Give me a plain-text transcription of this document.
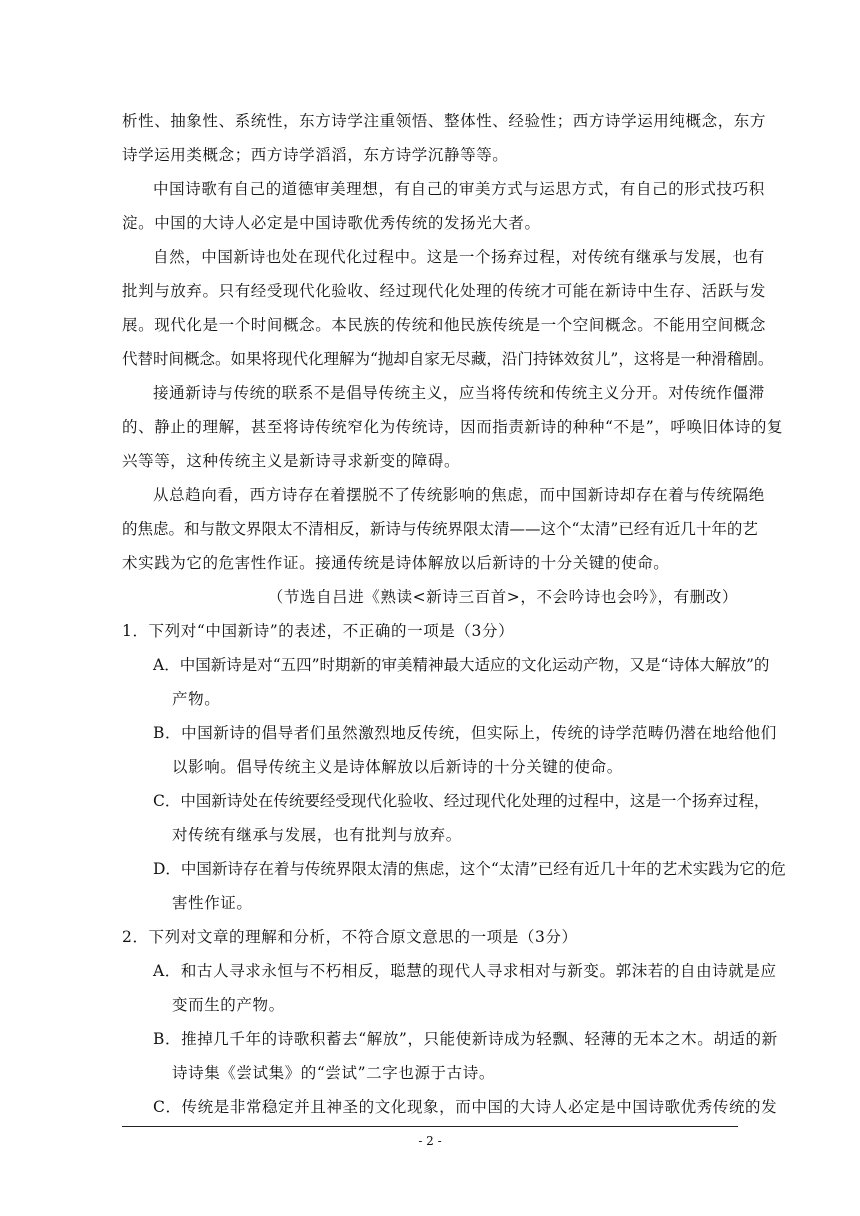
析性、抽象性、系统性，东方诗学注重领悟、整体性、经验性；西方诗学运用纯概念，东方
诗学运用类概念；西方诗学滔滔，东方诗学沉静等等。
中国诗歌有自己的道德审美理想，有自己的审美方式与运思方式，有自己的形式技巧积
淀。中国的大诗人必定是中国诗歌优秀传统的发扬光大者。
自然，中国新诗也处在现代化过程中。这是一个扬弃过程，对传统有继承与发展，也有
批判与放弃。只有经受现代化验收、经过现代化处理的传统才可能在新诗中生存、活跃与发
展。现代化是一个时间概念。本民族的传统和他民族传统是一个空间概念。不能用空间概念
代替时间概念。如果将现代化理解为“抛却自家无尽藏，沿门持钵效贫儿”，这将是一种滑稽剧。
接通新诗与传统的联系不是倡导传统主义，应当将传统和传统主义分开。对传统作僵滞
的、静止的理解，甚至将诗传统窄化为传统诗，因而指责新诗的种种“不是”，呼唤旧体诗的复
兴等等，这种传统主义是新诗寻求新变的障碍。
从总趋向看，西方诗存在着摆脱不了传统影响的焦虑，而中国新诗却存在着与传统隔绝
的焦虑。和与散文界限太不清相反，新诗与传统界限太清——这个“太清”已经有近几十年的艺
术实践为它的危害性作证。接通传统是诗体解放以后新诗的十分关键的使命。
（节选自吕进《熟读<新诗三百首>，不会吟诗也会吟》，有删改）
1．下列对“中国新诗”的表述，不正确的一项是（3分）
A．中国新诗是对“五四”时期新的审美精神最大适应的文化运动产物，又是“诗体大解放”的
产物。
B．中国新诗的倡导者们虽然激烈地反传统，但实际上，传统的诗学范畴仍潜在地给他们
以影响。倡导传统主义是诗体解放以后新诗的十分关键的使命。
C．中国新诗处在传统要经受现代化验收、经过现代化处理的过程中，这是一个扬弃过程，
对传统有继承与发展，也有批判与放弃。
D．中国新诗存在着与传统界限太清的焦虑，这个“太清”已经有近几十年的艺术实践为它的危
害性作证。
2．下列对文章的理解和分析，不符合原文意思的一项是（3分）
A．和古人寻求永恒与不朽相反，聪慧的现代人寻求相对与新变。郭沫若的自由诗就是应
变而生的产物。
B．推掉几千年的诗歌积蓄去“解放”，只能使新诗成为轻飘、轻薄的无本之木。胡适的新
诗诗集《尝试集》的“尝试”二字也源于古诗。
C．传统是非常稳定并且神圣的文化现象，而中国的大诗人必定是中国诗歌优秀传统的发
- 2 -
